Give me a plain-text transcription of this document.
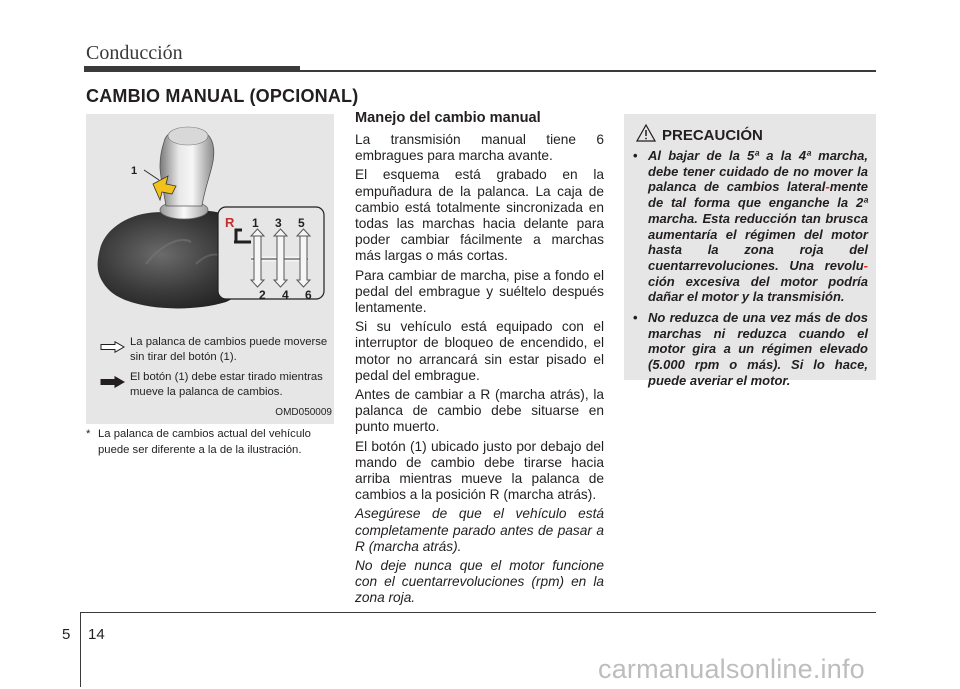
Conducción
CAMBIO MANUAL (OPCIONAL)
1
R 1 3 5
2 4 6
La palanca de cambios puede moverse sin tirar del botón (1).
El botón (1) debe estar tirado mientras mueve la palanca de cambios.
OMD050009
* La palanca de cambios actual del vehículo
puede ser diferente a la de la ilustración.
Manejo del cambio manual

La transmisión manual tiene 6 embragues para marcha avante.

El esquema está grabado en la empuñadura de la palanca. La caja de cambio está totalmente sincronizada en todas las marchas hacia delante para poder cambiar fácilmente a marchas más largas o más cortas.

Para cambiar de marcha, pise a fondo el pedal del embrague y suéltelo después lentamente.

Si su vehículo está equipado con el interruptor de bloqueo de encendido, el motor no arrancará sin estar pisado el pedal del embrague.

Antes de cambiar a R (marcha atrás), la palanca de cambio debe situarse en punto muerto.

El botón (1) ubicado justo por debajo del mando de cambio debe tirarse hacia arriba mientras mueve la palanca de cambios a la posición R (marcha atrás).

Asegúrese de que el vehículo está completamente parado antes de pasar a R (marcha atrás).

No deje nunca que el motor funcione con el cuentarrevoluciones (rpm) en la zona roja.

PRECAUCIÓN
• Al bajar de la 5ª a la 4ª marcha, debe tener cuidado de no mover la palanca de cambios lateral-mente de tal forma que enganche la 2ª marcha. Esta reducción tan brusca aumentaría el régimen del motor hasta la zona roja del cuentarrevoluciones. Una revolu-ción excesiva del motor podría dañar el motor y la transmisión.
• No reduzca de una vez más de dos marchas ni reduzca cuando el motor gira a un régimen elevado (5.000 rpm o más). Si lo hace, puede averiar el motor.
5 14
carmanualsonline.info
